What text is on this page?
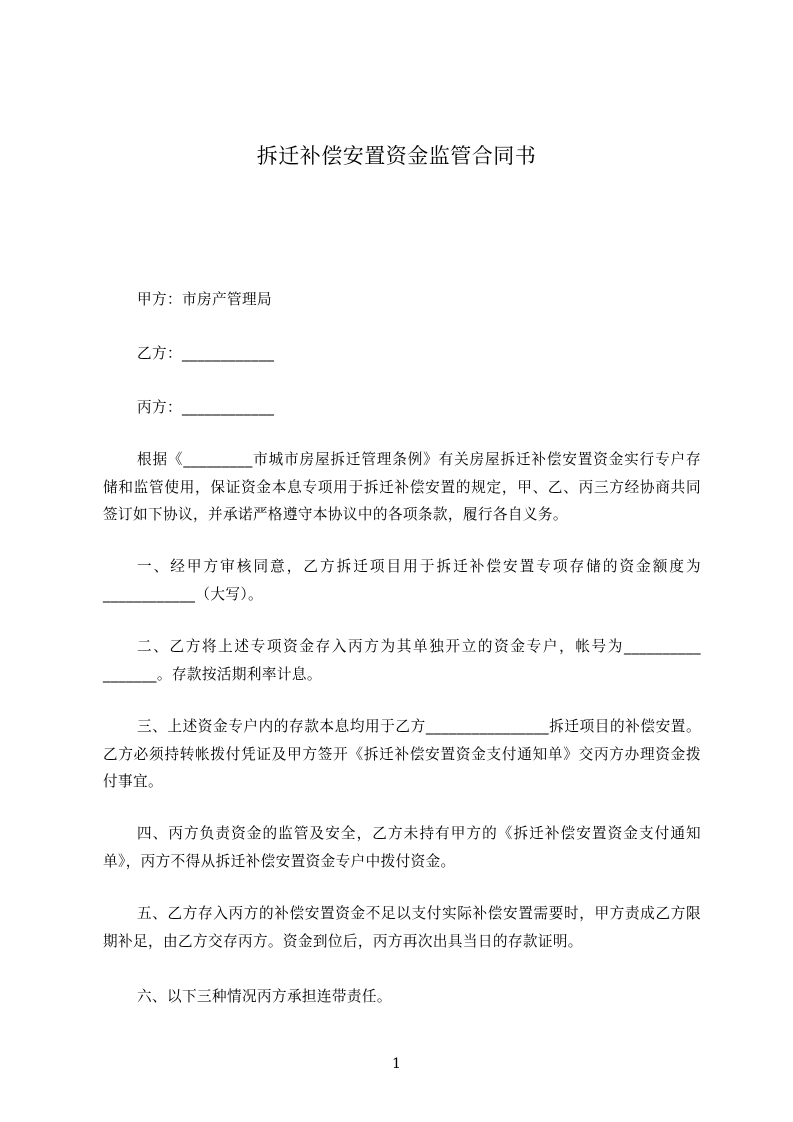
拆迁补偿安置资金监管合同书
甲方：市房产管理局
乙方：____________
丙方：____________
根据《_________市城市房屋拆迁管理条例》有关房屋拆迁补偿安置资金实行专户存储和监管使用，保证资金本息专项用于拆迁补偿安置的规定，甲、乙、丙三方经协商共同签订如下协议，并承诺严格遵守本协议中的各项条款，履行各自义务。
一、经甲方审核同意，乙方拆迁项目用于拆迁补偿安置专项存储的资金额度为____________（大写）。
二、乙方将上述专项资金存入丙方为其单独开立的资金专户，帐号为__________ _______。存款按活期利率计息。
三、上述资金专户内的存款本息均用于乙方________________拆迁项目的补偿安置。乙方必须持转帐拨付凭证及甲方签开《拆迁补偿安置资金支付通知单》交丙方办理资金拨付事宜。
四、丙方负责资金的监管及安全，乙方未持有甲方的《拆迁补偿安置资金支付通知单》，丙方不得从拆迁补偿安置资金专户中拨付资金。
五、乙方存入丙方的补偿安置资金不足以支付实际补偿安置需要时，甲方责成乙方限期补足，由乙方交存丙方。资金到位后，丙方再次出具当日的存款证明。
六、以下三种情况丙方承担连带责任。
1
